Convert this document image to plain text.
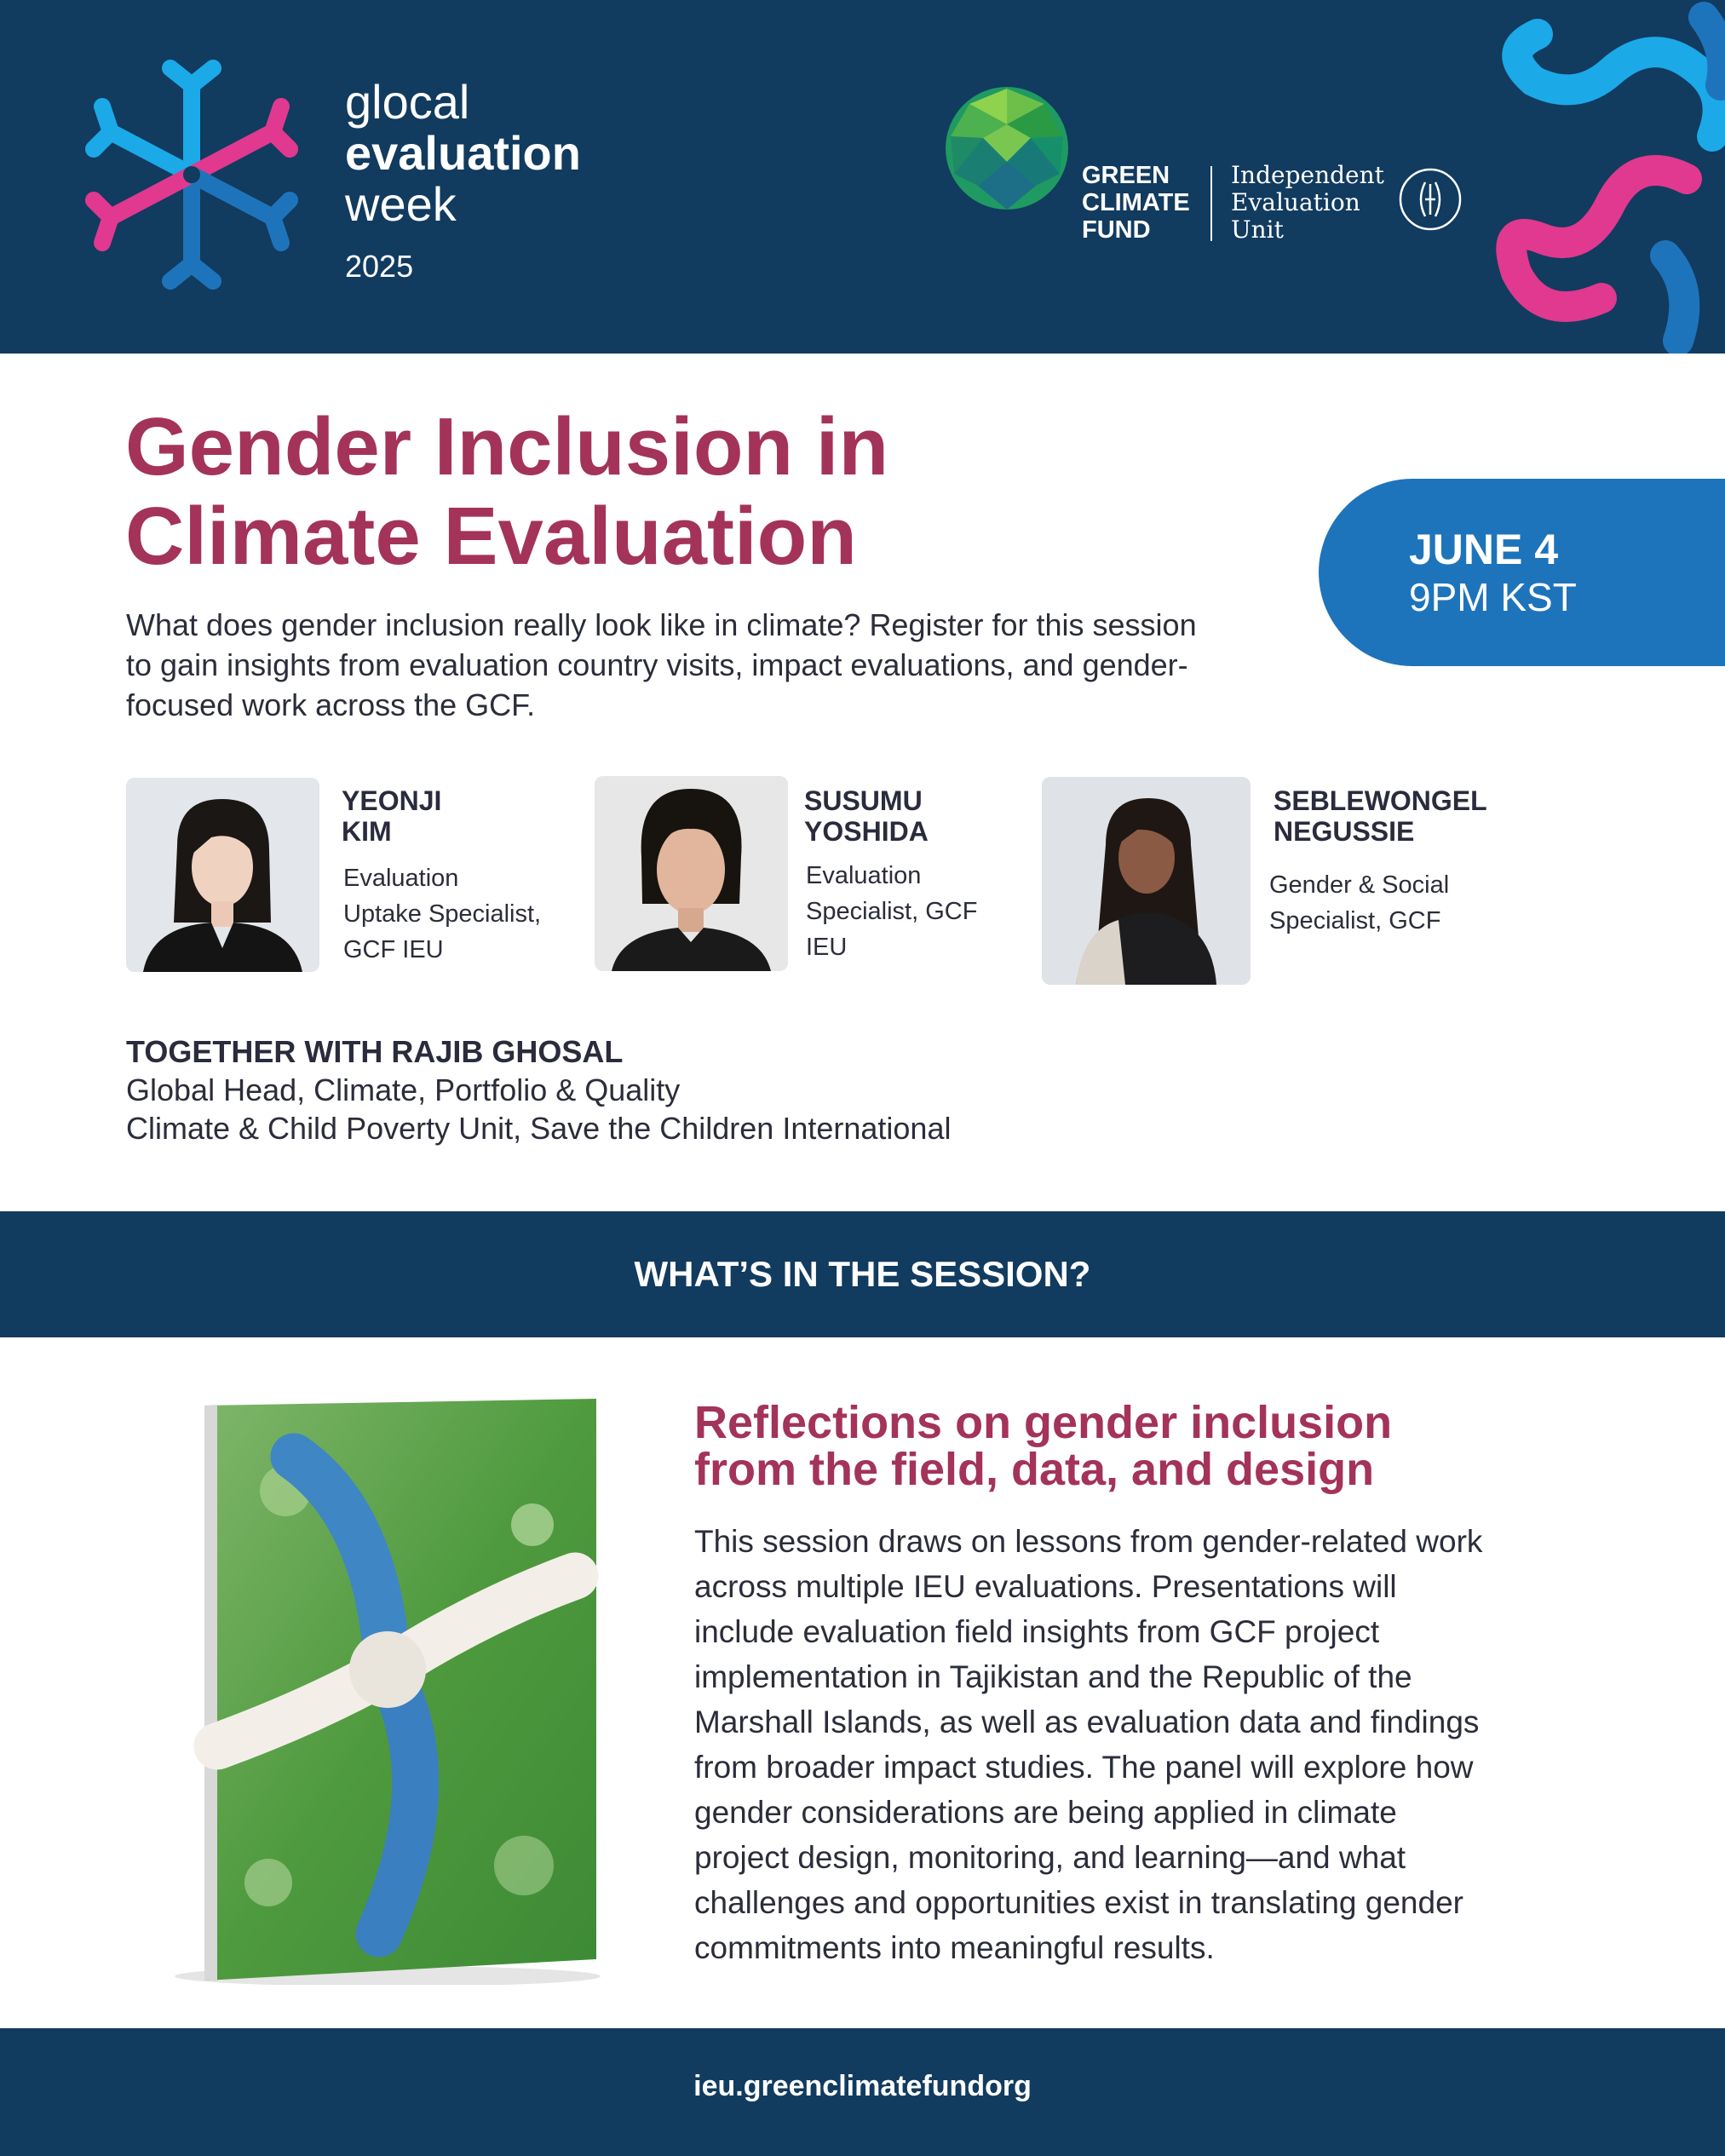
glocal
evaluation
week
2025
GREEN
CLIMATE
FUND
Independent
Evaluation
Unit
Gender Inclusion in
Climate Evaluation

What does gender inclusion really look like in climate? Register for this session to gain insights from evaluation country visits, impact evaluations, and gender-focused work across the GCF.

JUNE 4
9PM KST
YEONJI
KIM
Evaluation
Uptake Specialist,
GCF IEU
SUSUMU
YOSHIDA
Evaluation
Specialist, GCF
IEU
SEBLEWONGEL
NEGUSSIE
Gender & Social
Specialist, GCF
TOGETHER WITH RAJIB GHOSAL
Global Head, Climate, Portfolio & Quality
Climate & Child Poverty Unit, Save the Children International
WHAT’S IN THE SESSION?
Reflections on gender inclusion
from the field, data, and design
This session draws on lessons from gender-related work
across multiple IEU evaluations. Presentations will
include evaluation field insights from GCF project
implementation in Tajikistan and the Republic of the
Marshall Islands, as well as evaluation data and findings
from broader impact studies. The panel will explore how
gender considerations are being applied in climate
project design, monitoring, and learning—and what
challenges and opportunities exist in translating gender
commitments into meaningful results.
ieu.greenclimatefundorg
